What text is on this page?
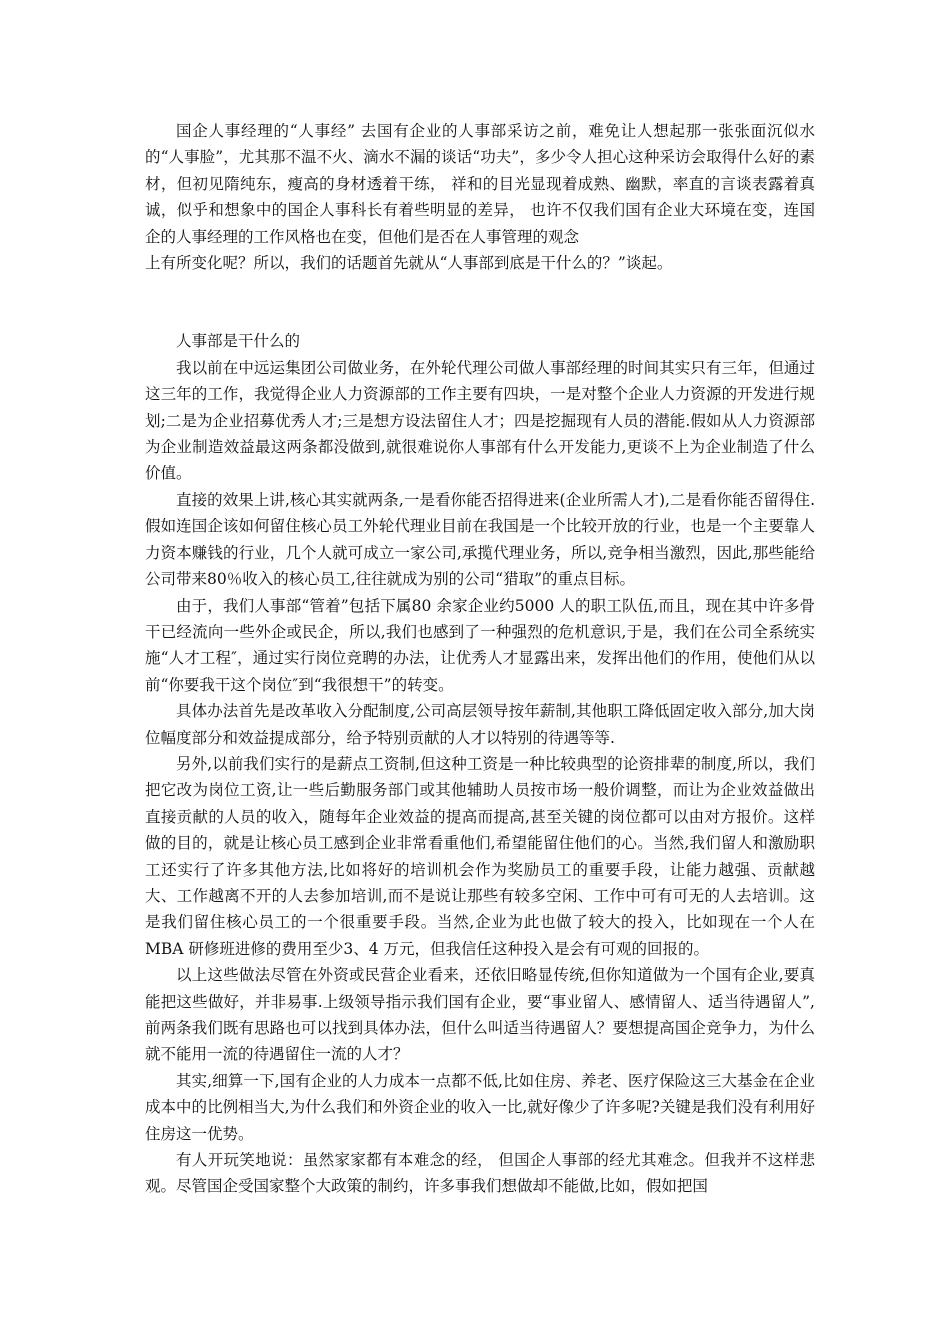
国企人事经理的“人事经” 去国有企业的人事部采访之前，难免让人想起那一张张面沉似水的“人事脸”，尤其那不温不火、滴水不漏的谈话“功夫”，多少令人担心这种采访会取得什么好的素材，但初见隋纯东，瘦高的身材透着干练， 祥和的目光显现着成熟、幽默，率直的言谈表露着真诚，似乎和想象中的国企人事科长有着些明显的差异， 也许不仅我们国有企业大环境在变，连国企的人事经理的工作风格也在变，但他们是否在人事管理的观念

上有所变化呢？所以，我们的话题首先就从“人事部到底是干什么的？”谈起。

人事部是干什么的

我以前在中远运集团公司做业务，在外轮代理公司做人事部经理的时间其实只有三年，但通过这三年的工作，我觉得企业人力资源部的工作主要有四块，一是对整个企业人力资源的开发进行规划;二是为企业招募优秀人才;三是想方设法留住人才；四是挖掘现有人员的潜能.假如从人力资源部为企业制造效益最这两条都没做到,就很难说你人事部有什么开发能力,更谈不上为企业制造了什么价值。

直接的效果上讲,核心其实就两条,一是看你能否招得进来(企业所需人才),二是看你能否留得住.假如连国企该如何留住核心员工外轮代理业目前在我国是一个比较开放的行业，也是一个主要靠人力资本赚钱的行业，几个人就可成立一家公司,承揽代理业务，所以,竞争相当激烈，因此,那些能给公司带来80％收入的核心员工,往往就成为别的公司“猎取”的重点目标。

由于，我们人事部“管着”包括下属80 余家企业约5000 人的职工队伍,而且，现在其中许多骨干已经流向一些外企或民企，所以,我们也感到了一种强烈的危机意识,于是，我们在公司全系统实施“人才工程″，通过实行岗位竞聘的办法，让优秀人才显露出来，发挥出他们的作用，使他们从以前“你要我干这个岗位″到“我很想干”的转变。

具体办法首先是改革收入分配制度,公司高层领导按年薪制,其他职工降低固定收入部分,加大岗位幅度部分和效益提成部分，给予特别贡献的人才以特别的待遇等等.

另外,以前我们实行的是薪点工资制,但这种工资是一种比较典型的论资排辈的制度,所以，我们把它改为岗位工资,让一些后勤服务部门或其他辅助人员按市场一般价调整，而让为企业效益做出直接贡献的人员的收入，随每年企业效益的提高而提高,甚至关键的岗位都可以由对方报价。这样做的目的，就是让核心员工感到企业非常看重他们,希望能留住他们的心。当然,我们留人和激励职工还实行了许多其他方法,比如将好的培训机会作为奖励员工的重要手段，让能力越强、贡献越大、工作越离不开的人去参加培训,而不是说让那些有较多空闲、工作中可有可无的人去培训。这是我们留住核心员工的一个很重要手段。当然,企业为此也做了较大的投入，比如现在一个人在MBA 研修班进修的费用至少3、4 万元，但我信任这种投入是会有可观的回报的。

以上这些做法尽管在外资或民营企业看来，还依旧略显传统,但你知道做为一个国有企业,要真能把这些做好，并非易事.上级领导指示我们国有企业，要“事业留人、感情留人、适当待遇留人”,前两条我们既有思路也可以找到具体办法，但什么叫适当待遇留人？要想提高国企竞争力，为什么就不能用一流的待遇留住一流的人才？

其实,细算一下,国有企业的人力成本一点都不低,比如住房、养老、医疗保险这三大基金在企业成本中的比例相当大,为什么我们和外资企业的收入一比,就好像少了许多呢?关键是我们没有利用好住房这一优势。

有人开玩笑地说：虽然家家都有本难念的经， 但国企人事部的经尤其难念。但我并不这样悲观。尽管国企受国家整个大政策的制约，许多事我们想做却不能做,比如，假如把国
